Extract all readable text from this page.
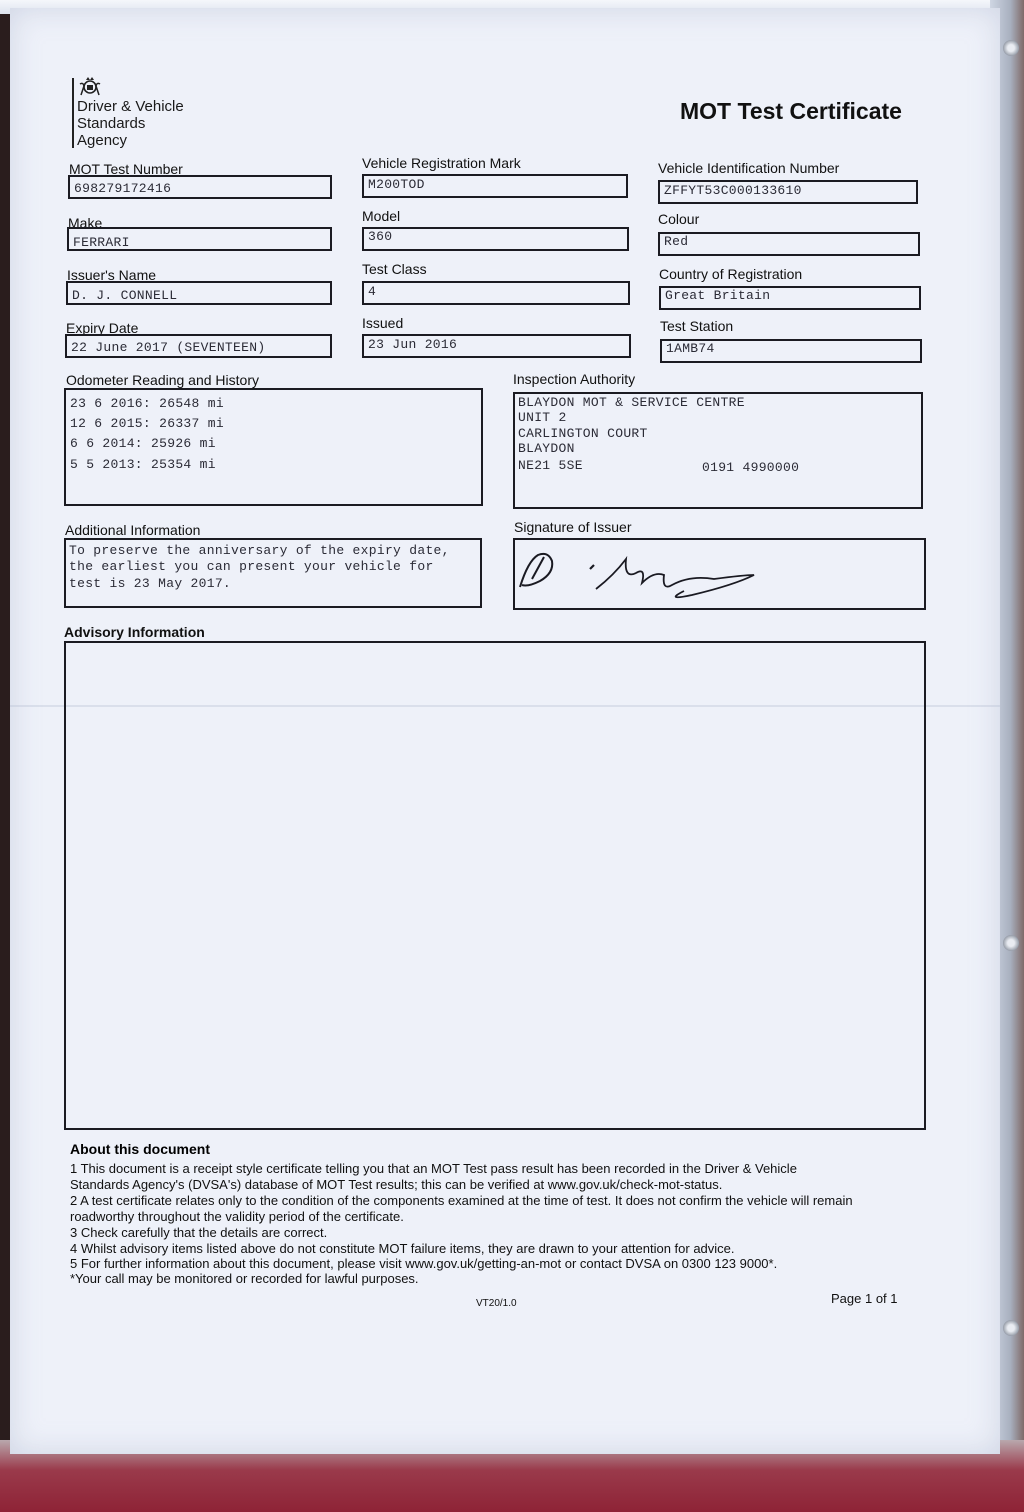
Driver & Vehicle
Standards
Agency
MOT Test Certificate
MOT Test Number
698279172416
Vehicle Registration Mark
M200TOD
Vehicle Identification Number
ZFFYT53C000133610
Make
FERRARI
Model
360
Colour
Red
Issuer's Name
D. J. CONNELL
Test Class
4
Country of Registration
Great Britain
Expiry Date
22 June 2017 (SEVENTEEN)
Issued
23 Jun 2016
Test Station
1AMB74
Odometer Reading and History
23 6 2016: 26548 mi
12 6 2015: 26337 mi
6 6 2014: 25926 mi
5 5 2013: 25354 mi
Inspection Authority
BLAYDON MOT & SERVICE CENTRE
UNIT 2
CARLINGTON COURT
BLAYDON
NE21 5SE	0191 4990000
Additional Information
To preserve the anniversary of the expiry date,
the earliest you can present your vehicle for
test is 23 May 2017.
Signature of Issuer
Advisory Information
About this document
1 This document is a receipt style certificate telling you that an MOT Test pass result has been recorded in the Driver & Vehicle
Standards Agency's (DVSA's) database of MOT Test results; this can be verified at www.gov.uk/check-mot-status.
2 A test certificate relates only to the condition of the components examined at the time of test. It does not confirm the vehicle will remain
roadworthy throughout the validity period of the certificate.
3 Check carefully that the details are correct.
4 Whilst advisory items listed above do not constitute MOT failure items, they are drawn to your attention for advice.
5 For further information about this document, please visit www.gov.uk/getting-an-mot or contact DVSA on 0300 123 9000*.
*Your call may be monitored or recorded for lawful purposes.
VT20/1.0	Page 1 of 1
